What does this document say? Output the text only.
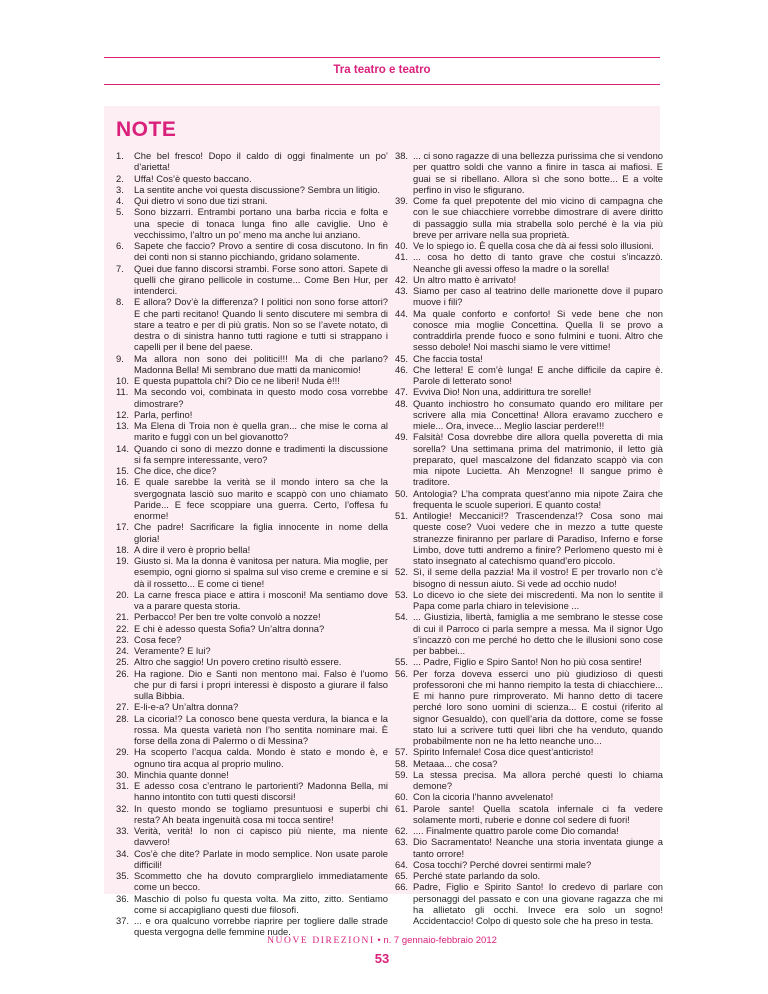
Tra teatro e teatro
NOTE
1.	Che bel fresco! Dopo il caldo di oggi finalmente un po’ d’arietta!
2.	Uffa! Cos’è questo baccano.
3.	La sentite anche voi questa discussione? Sembra un litigio.
4.	Qui dietro vi sono due tizi strani.
5.	Sono bizzarri. Entrambi portano una barba riccia e folta e una specie di tonaca lunga fino alle caviglie. Uno è vecchissimo, l’altro un po’ meno ma anche lui anziano.
6.	Sapete che faccio? Provo a sentire di cosa discutono. In fin dei conti non si stanno picchiando, gridano solamente.
7.	Quei due fanno discorsi strambi. Forse sono attori. Sapete di quelli che girano pellicole in costume... Come Ben Hur, per intenderci.
8.	E allora? Dov’è la differenza? I politici non sono forse attori? E che parti recitano! Quando li sento discutere mi sembra di stare a teatro e per di più gratis. Non so se l’avete notato, di destra o di sinistra hanno tutti ragione e tutti si strappano i capelli per il bene del paese.
9.	Ma allora non sono dei politici!!! Ma di che parlano? Madonna Bella! Mi sembrano due matti da manicomio!
10. E questa pupattola chi? Dio ce ne liberi! Nuda è!!!
11. Ma secondo voi, combinata in questo modo cosa vorrebbe dimostrare?
12. Parla, perfino!
13. Ma Elena di Troia non è quella gran... che mise le corna al marito e fuggì con un bel giovanotto?
14. Quando ci sono di mezzo donne e tradimenti la discussione si fa sempre interessante, vero?
15. Che dice, che dice?
16. E quale sarebbe la verità se il mondo intero sa che la svergognata lasciò suo marito e scappò con uno chiamato Paride... E fece scoppiare una guerra. Certo, l’offesa fu enorme!
17. Che padre! Sacrificare la figlia innocente in nome della gloria!
18. A dire il vero è proprio bella!
19. Giusto si. Ma la donna è vanitosa per natura. Mia moglie, per esempio, ogni giorno si spalma sul viso creme e cremine e si dà il rossetto... E come ci tiene!
20. La carne fresca piace e attira i mosconi! Ma sentiamo dove va a parare questa storia.
21. Perbacco! Per ben tre volte convolò a nozze!
22. E chi è adesso questa Sofia? Un’altra donna?
23. Cosa fece?
24. Veramente? E lui?
25. Altro che saggio! Un povero cretino risultò essere.
26. Ha ragione. Dio e Santi non mentono mai. Falso è l’uomo che pur di farsi i propri interessi è disposto a giurare il falso sulla Bibbia.
27. E-li-e-a? Un’altra donna?
28. La cicoria!? La conosco bene questa verdura, la bianca e la rossa. Ma questa varietà non l’ho sentita nominare mai. È forse della zona di Palermo o di Messina?
29. Ha scoperto l’acqua calda. Mondo è stato e mondo è, e ognuno tira acqua al proprio mulino.
30. Minchia quante donne!
31. E adesso cosa c’entrano le partorienti? Madonna Bella, mi hanno intontito con tutti questi discorsi!
32. In questo mondo se togliamo presuntuosi e superbi chi resta? Ah beata ingenuità cosa mi tocca sentire!
33. Verità, verità! Io non ci capisco più niente, ma niente davvero!
34. Cos’è che dite? Parlate in modo semplice. Non usate parole difficili!
35. Scommetto che ha dovuto comprarglielo immediatamente come un becco.
36. Maschio di polso fu questa volta. Ma zitto, zitto. Sentiamo come si accapigliano questi due filosofi.
37. ... e ora qualcuno vorrebbe riaprire per togliere dalle strade questa vergogna delle femmine nude.
38. ... ci sono ragazze di una bellezza purissima che si vendono per quattro soldi che vanno a finire in tasca ai mafiosi. E guai se si ribellano. Allora sì che sono botte... E a volte perfino in viso le sfigurano.
39. Come fa quel prepotente del mio vicino di campagna che con le sue chiacchiere vorrebbe dimostrare di avere diritto di passaggio sulla mia strabella solo perché è la via più breve per arrivare nella sua proprietà.
40. Ve lo spiego io. È quella cosa che dà ai fessi solo illusioni.
41. ... cosa ho detto di tanto grave che costui s’incazzò. Neanche gli avessi offeso la madre o la sorella!
42. Un altro matto è arrivato!
43. Siamo per caso al teatrino delle marionette dove il puparo muove i fili?
44. Ma quale conforto e conforto! Si vede bene che non conosce mia moglie Concettina. Quella lì se provo a contraddirla prende fuoco e sono fulmini e tuoni. Altro che sesso debole! Noi maschi siamo le vere vittime!
45. Che faccia tosta!
46. Che lettera! E com’è lunga! E anche difficile da capire è. Parole di letterato sono!
47. Evviva Dio! Non una, addirittura tre sorelle!
48. Quanto inchiostro ho consumato quando ero militare per scrivere alla mia Concettina! Allora eravamo zucchero e miele... Ora, invece... Meglio lasciar perdere!!!
49. Falsità! Cosa dovrebbe dire allora quella poveretta di mia sorella? Una settimana prima del matrimonio, il letto già preparato, quel mascalzone del fidanzato scappò via con mia nipote Lucietta. Ah Menzogne! Il sangue primo è traditore.
50. Antologia? L’ha comprata quest’anno mia nipote Zaira che frequenta le scuole superiori. E quanto costa!
51. Antilogie! Meccanici!? Trascendenza!? Cosa sono mai queste cose? Vuoi vedere che in mezzo a tutte queste stranezze finiranno per parlare di Paradiso, Inferno e forse Limbo, dove tutti andremo a finire? Perlomeno questo mi è stato insegnato al catechismo quand’ero piccolo.
52. Sì, il seme della pazzia! Ma il vostro! E per trovarlo non c’è bisogno di nessun aiuto. Si vede ad occhio nudo!
53. Lo dicevo io che siete dei miscredenti. Ma non lo sentite il Papa come parla chiaro in televisione ...
54. ... Giustizia, libertà, famiglia a me sembrano le stesse cose di cui il Parroco ci parla sempre a messa. Ma il signor Ugo s’incazzò con me perché ho detto che le illusioni sono cose per babbei...
55. ... Padre, Figlio e Spiro Santo! Non ho più cosa sentire!
56. Per forza doveva esserci uno più giudizioso di questi professoroni che mi hanno riempito la testa di chiacchiere... E mi hanno pure rimproverato. Mi hanno detto di tacere perché loro sono uomini di scienza... E costui (riferito al signor Gesualdo), con quell’aria da dottore, come se fosse stato lui a scrivere tutti quei libri che ha venduto, quando probabilmente non ne ha letto neanche uno...
57. Spirito Infernale! Cosa dice quest’anticristo!
58. Metaaa... che cosa?
59. La stessa precisa. Ma allora perché questi lo chiama demone?
60. Con la cicoria l’hanno avvelenato!
61. Parole sante! Quella scatola infernale ci fa vedere solamente morti, ruberie e donne col sedere di fuori!
62. .... Finalmente quattro parole come Dio comanda!
63. Dio Sacramentato! Neanche una storia inventata giunge a tanto orrore!
64. Cosa tocchi? Perché dovrei sentirmi male?
65. Perché state parlando da solo.
66. Padre, Figlio e Spirito Santo! Io credevo di parlare con personaggi del passato e con una giovane ragazza che mi ha allietato gli occhi. Invece era solo un sogno! Accidentaccio! Colpo di questo sole che ha preso in testa.
NUOVE DIREZIONI • n. 7 gennaio-febbraio 2012
53
